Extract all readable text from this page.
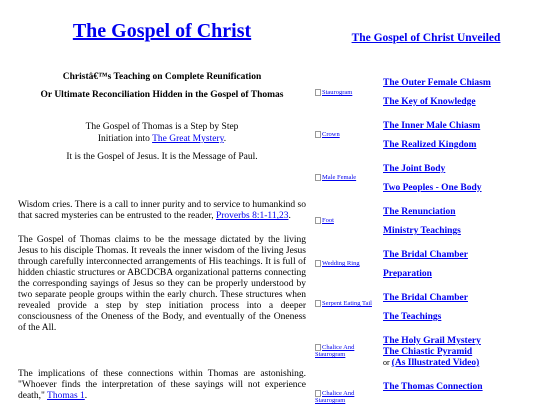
The Gospel of Christ
Christâ€™s Teaching on Complete Reunification
Or Ultimate Reconciliation Hidden in the Gospel of Thomas
The Gospel of Thomas is a Step by Step
Initiation into The Great Mystery.
It is the Gospel of Jesus. It is the Message of Paul.
Wisdom cries. There is a call to inner purity and to service to humankind so that sacred mysteries can be entrusted to the reader, Proverbs 8:1-11,23.
The Gospel of Thomas claims to be the message dictated by the living Jesus to his disciple Thomas. It reveals the inner wisdom of the living Jesus through carefully interconnected arrangements of His teachings. It is full of hidden chiastic structures or ABCDCBA organizational patterns connecting the corresponding sayings of Jesus so they can be properly understood by two separate people groups within the early church. These structures when revealed provide a step by step initiation process into a deeper consciousness of the Oneness of the Body, and eventually of the Oneness of the All.
The implications of these connections within Thomas are astonishing. "Whoever finds the interpretation of these sayings will not experience death," Thomas 1.
The Gospel of Christ Unveiled
Staurogram
Crown
Male Female
Foot
Wedding Ring
Serpent Eating Tail
Chalice And Staurogram
Chalice And Staurogram
The Outer Female Chiasm
The Key of Knowledge
The Inner Male Chiasm
The Realized Kingdom
The Joint Body
Two Peoples - One Body
The Renunciation
Ministry Teachings
The Bridal Chamber
Preparation
The Bridal Chamber
The Teachings
The Holy Grail Mystery
The Chiastic Pyramid
or (As Illustrated Video)
The Thomas Connection
